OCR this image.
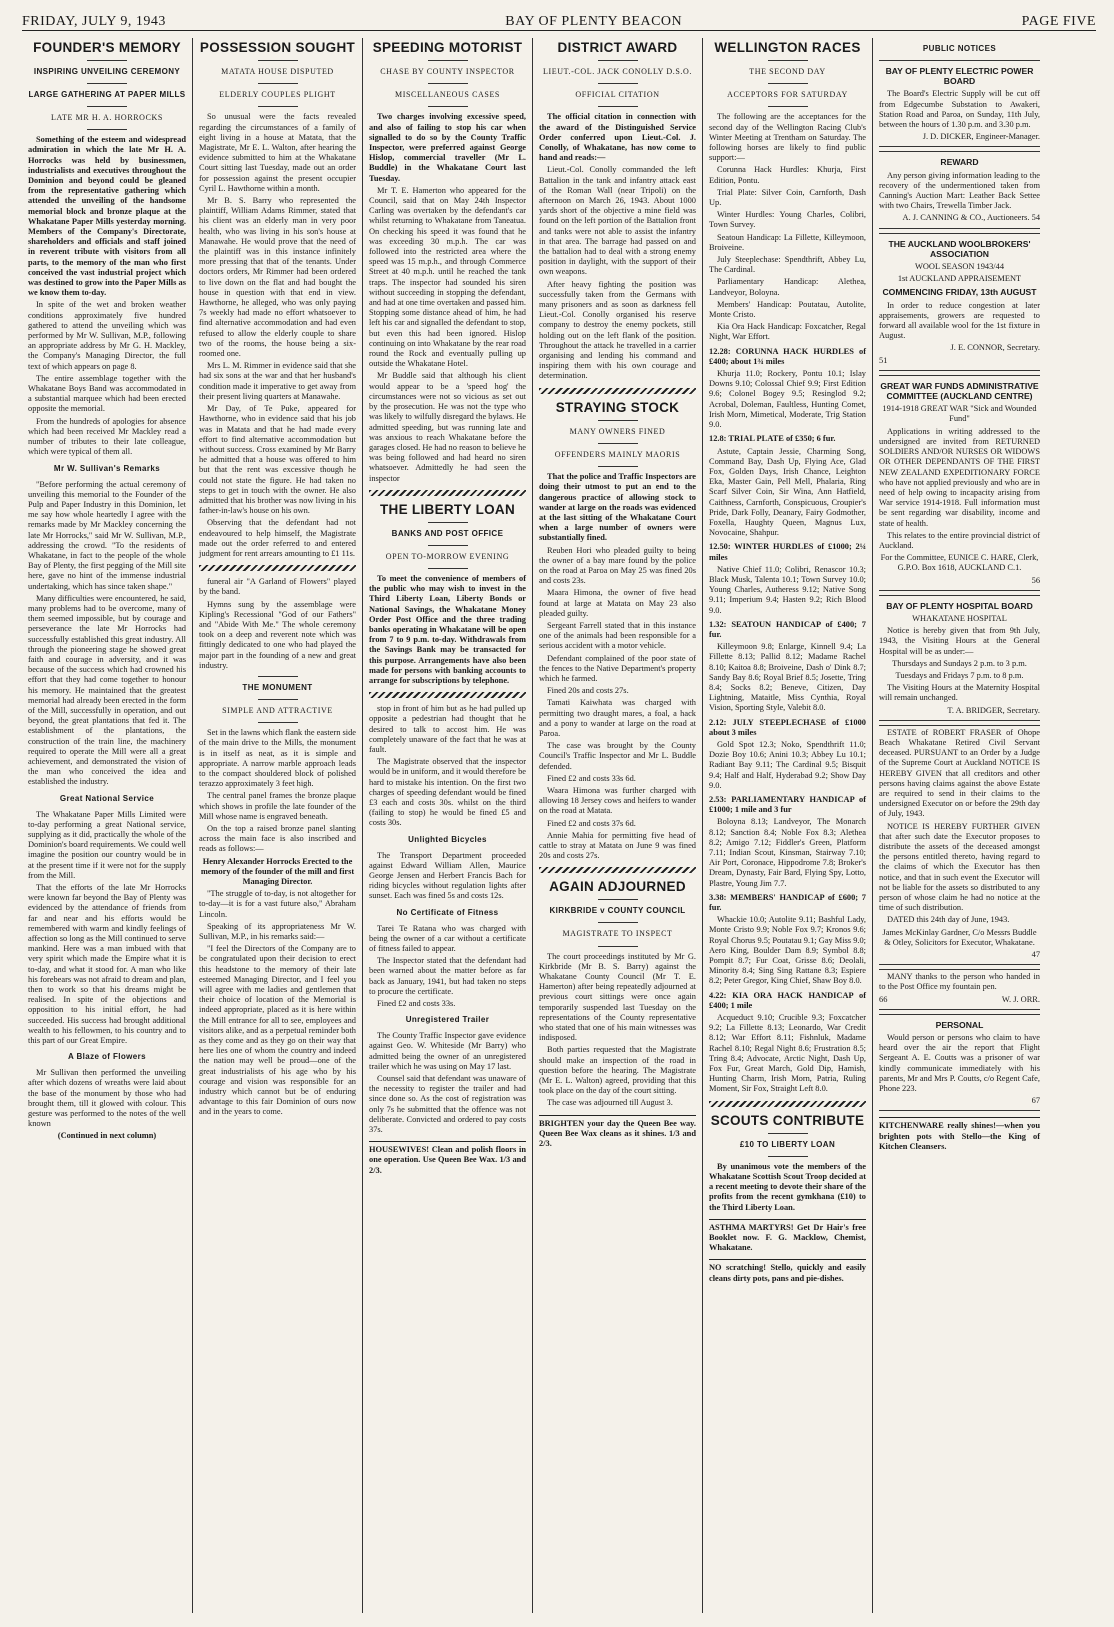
FRIDAY, JULY 9, 1943	BAY OF PLENTY BEACON	PAGE FIVE
FOUNDER'S MEMORY
INSPIRING UNVEILING CEREMONY
LARGE GATHERING AT PAPER MILLS
LATE MR H. A. HORROCKS

Something of the esteem and widespread admiration in which the late Mr H. A. Horrocks was held by businessmen, industrialists and executives throughout the Dominion and beyond could be gleaned from the representative gathering which attended the unveiling of the handsome memorial block and bronze plaque at the Whakatane Paper Mills yesterday morning. Members of the Company's Directorate, shareholders and officials and staff joined in reverent tribute with visitors from all parts, to the memory of the man who first conceived the vast industrial project which was destined to grow into the Paper Mills as we know them to-day.

In spite of the wet and broken weather conditions approximately five hundred gathered to attend the unveiling which was performed by Mr W. Sullivan, M.P., following an appropriate address by Mr G. H. Mackley, the Company's Managing Director, the full text of which appears on page 8.

The entire assemblage together with the Whakatane Boys Band was accommodated in a substantial marquee which had been erected opposite the memorial.

From the hundreds of apologies for absence which had been received Mr Mackley read a number of tributes to their late colleague, which were typical of them all.

Mr W. Sullivan's Remarks

"Before performing the actual ceremony of unveiling this memorial to the Founder of the Pulp and Paper Industry in this Dominion, let me say how whole heartedly I agree with the remarks made by Mr Mackley concerning the late Mr Horrocks," said Mr W. Sullivan, M.P., addressing the crowd. "To the residents of Whakatane, in fact to the people of the whole Bay of Plenty, the first pegging of the Mill site here, gave no hint of the immense industrial undertaking, which has since taken shape."

Many difficulties were encountered, he said, many problems had to be overcome, many of them seemed impossible, but by courage and perseverance the late Mr Horrocks had successfully established this great industry. All through the pioneering stage he showed great faith and courage in adversity, and it was because of the success which had crowned his effort that they had come together to honour his memory. He maintained that the greatest memorial had already been erected in the form of the Mill, successfully in operation, and out beyond, the great plantations that fed it. The establishment of the plantations, the construction of the train line, the machinery required to operate the Mill were all a great achievement, and demonstrated the vision of the man who conceived the idea and established the industry.

Great National Service

The Whakatane Paper Mills Limited were to-day performing a great National service, supplying as it did, practically the whole of the Dominion's board requirements. We could well imagine the position our country would be in at the present time if it were not for the supply from the Mill.

That the efforts of the late Mr Horrocks were known far beyond the Bay of Plenty was evidenced by the attendance of friends from far and near and his efforts would be remembered with warm and kindly feelings of affection so long as the Mill continued to serve mankind. Here was a man imbued with that very spirit which made the Empire what it is to-day, and what it stood for. A man who like his forebears was not afraid to dream and plan, then to work so that his dreams might be realised. In spite of the objections and opposition to his initial effort, he had succeeded. His success had brought additional wealth to his fellowmen, to his country and to this part of our Great Empire.

A Blaze of Flowers

Mr Sullivan then performed the unveiling after which dozens of wreaths were laid about the base of the monument by those who had brought them, till it glowed with colour. This gesture was performed to the notes of the well known

(Continued in next column)

POSSESSION SOUGHT
MATATA HOUSE DISPUTED
ELDERLY COUPLES PLIGHT

So unusual were the facts revealed regarding the circumstances of a family of eight living in a house at Matata, that the Magistrate, Mr E. L. Walton, after hearing the evidence submitted to him at the Whakatane Court sitting last Tuesday, made out an order for possession against the present occupier Cyril L. Hawthorne within a month.

Mr B. S. Barry who represented the plaintiff, William Adams Rimmer, stated that his client was an elderly man in very poor health, who was living in his son's house at Manawahe. He would prove that the need of the plaintiff was in this instance infinitely more pressing that that of the tenants. Under doctors orders, Mr Rimmer had been ordered to live down on the flat and had bought the house in question with that end in view. Hawthorne, he alleged, who was only paying 7s weekly had made no effort whatsoever to find alternative accommodation and had even refused to allow the elderly couple to share two of the rooms, the house being a six-roomed one.

Mrs L. M. Rimmer in evidence said that she had six sons at the war and that her husband's condition made it imperative to get away from their present living quarters at Manawahe.

Mr Day, of Te Puke, appeared for Hawthorne, who in evidence said that his job was in Matata and that he had made every effort to find alternative accommodation but without success. Cross examined by Mr Barry he admitted that a house was offered to him but that the rent was excessive though he could not state the figure. He had taken no steps to get in touch with the owner. He also admitted that his brother was now living in his father-in-law's house on his own.

Observing that the defendant had not endeavoured to help himself, the Magistrate made out the order referred to and entered judgment for rent arrears amounting to £1 11s.

funeral air "A Garland of Flowers" played by the band.

Hymns sung by the assemblage were Kipling's Recessional "God of our Fathers" and "Abide With Me." The whole ceremony took on a deep and reverent note which was fittingly dedicated to one who had played the major part in the founding of a new and great industry.

THE MONUMENT
SIMPLE AND ATTRACTIVE

Set in the lawns which flank the eastern side of the main drive to the Mills, the monument is in itself as neat, as it is simple and appropriate. A narrow marble approach leads to the compact shouldered block of polished terazzo approximately 3 feet high.

The central panel frames the bronze plaque which shows in profile the late founder of the Mill whose name is engraved beneath.

On the top a raised bronze panel slanting across the main face is also inscribed and reads as follows:—

Henry Alexander Horrocks Erected to the memory of the founder of the mill and first Managing Director.

"The struggle of to-day, is not altogether for to-day—it is for a vast future also," Abraham Lincoln.

Speaking of its appropriateness Mr W. Sullivan, M.P., in his remarks said:—

"I feel the Directors of the Company are to be congratulated upon their decision to erect this headstone to the memory of their late esteemed Managing Director, and I feel you will agree with me ladies and gentlemen that their choice of location of the Memorial is indeed appropriate, placed as it is here within the Mill entrance for all to see, employees and visitors alike, and as a perpetual reminder both as they come and as they go on their way that here lies one of whom the country and indeed the nation may well be proud—one of the great industrialists of his age who by his courage and vision was responsible for an industry which cannot but be of enduring advantage to this fair Dominion of ours now and in the years to come.

SPEEDING MOTORIST
CHASE BY COUNTY INSPECTOR
MISCELLANEOUS CASES

Two charges involving excessive speed, and also of failing to stop his car when signalled to do so by the County Traffic Inspector, were preferred against George Hislop, commercial traveller (Mr L. Buddle) in the Whakatane Court last Tuesday.

Mr T. E. Hamerton who appeared for the Council, said that on May 24th Inspector Carling was overtaken by the defendant's car whilst returning to Whakatane from Taneatua. On checking his speed it was found that he was exceeding 30 m.p.h. The car was followed into the restricted area where the speed was 15 m.p.h., and through Commerce Street at 40 m.p.h. until he reached the tank traps. The inspector had sounded his siren without succeeding in stopping the defendant, and had at one time overtaken and passed him. Stopping some distance ahead of him, he had left his car and signalled the defendant to stop, but even this had been ignored. Hislop continuing on into Whakatane by the rear road round the Rock and eventually pulling up outside the Whakatane Hotel.

Mr Buddle said that although his client would appear to be a 'speed hog' the circumstances were not so vicious as set out by the prosecution. He was not the type who was likely to wilfully disregard the bylaws. He admitted speeding, but was running late and was anxious to reach Whakatane before the garages closed. He had no reason to believe he was being followed and had heard no siren whatsoever. Admittedly he had seen the inspector

THE LIBERTY LOAN
BANKS AND POST OFFICE
OPEN TO-MORROW EVENING

To meet the convenience of members of the public who may wish to invest in the Third Liberty Loan, Liberty Bonds or National Savings, the Whakatane Money Order Post Office and the three trading banks operating in Whakatane will be open from 7 to 9 p.m. to-day. Withdrawals from the Savings Bank may be transacted for this purpose. Arrangements have also been made for persons with banking accounts to arrange for subscriptions by telephone.

stop in front of him but as he had pulled up opposite a pedestrian had thought that he desired to talk to accost him. He was completely unaware of the fact that he was at fault.

The Magistrate observed that the inspector would be in uniform, and it would therefore be hard to mistake his intention. On the first two charges of speeding defendant would be fined £3 each and costs 30s. whilst on the third (failing to stop) he would be fined £5 and costs 30s.

Unlighted Bicycles

The Transport Department proceeded against Edward William Allen, Maurice George Jensen and Herbert Francis Bach for riding bicycles without regulation lights after sunset. Each was fined 5s and costs 12s.

No Certificate of Fitness

Tarei Te Ratana who was charged with being the owner of a car without a certificate of fitness failed to appear.

The Inspector stated that the defendant had been warned about the matter before as far back as January, 1941, but had taken no steps to procure the certificate.

Fined £2 and costs 33s.

Unregistered Trailer

The County Traffic Inspector gave evidence against Geo. W. Whiteside (Mr Barry) who admitted being the owner of an unregistered trailer which he was using on May 17 last.

Counsel said that defendant was unaware of the necessity to register the trailer and had since done so. As the cost of registration was only 7s he submitted that the offence was not deliberate. Convicted and ordered to pay costs 37s.

HOUSEWIVES! Clean and polish floors in one operation. Use Queen Bee Wax. 1/3 and 2/3.

DISTRICT AWARD
LIEUT.-COL. JACK CONOLLY D.S.O.
OFFICIAL CITATION

The official citation in connection with the award of the Distinguished Service Order conferred upon Lieut.-Col. J. Conolly, of Whakatane, has now come to hand and reads:—

Lieut.-Col. Conolly commanded the left Battalion in the tank and infantry attack east of the Roman Wall (near Tripoli) on the afternoon on March 26, 1943. About 1000 yards short of the objective a mine field was found on the left portion of the Battalion front and tanks were not able to assist the infantry in that area. The barrage had passed on and the battalion had to deal with a strong enemy position in daylight, with the support of their own weapons.

After heavy fighting the position was successfully taken from the Germans with many prisoners and as soon as darkness fell Lieut.-Col. Conolly organised his reserve company to destroy the enemy pockets, still holding out on the left flank of the position. Throughout the attack he travelled in a carrier organising and lending his command and inspiring them with his own courage and determination.

STRAYING STOCK
MANY OWNERS FINED
OFFENDERS MAINLY MAORIS

That the police and Traffic Inspectors are doing their utmost to put an end to the dangerous practice of allowing stock to wander at large on the roads was evidenced at the last sitting of the Whakatane Court when a large number of owners were substantially fined.

Reuben Hori who pleaded guilty to being the owner of a bay mare found by the police on the road at Paroa on May 25 was fined 20s and costs 23s.

Maara Himona, the owner of five head found at large at Matata on May 23 also pleaded guilty.

Sergeant Farrell stated that in this instance one of the animals had been responsible for a serious accident with a motor vehicle.

Defendant complained of the poor state of the fences to the Native Department's property which he farmed.

Fined 20s and costs 27s.

Tamati Kaiwhata was charged with permitting two draught mares, a foal, a hack and a pony to wander at large on the road at Paroa.

The case was brought by the County Council's Traffic Inspector and Mr L. Buddle defended.

Fined £2 and costs 33s 6d.

Waara Himona was further charged with allowing 18 Jersey cows and heifers to wander on the road at Matata.

Fined £2 and costs 37s 6d.

Annie Mahia for permitting five head of cattle to stray at Matata on June 9 was fined 20s and costs 27s.

AGAIN ADJOURNED
KIRKBRIDE v COUNTY COUNCIL
MAGISTRATE TO INSPECT

The court proceedings instituted by Mr G. Kirkbride (Mr B. S. Barry) against the Whakatane County Council (Mr T. E. Hamerton) after being repeatedly adjourned at previous court sittings were once again temporarily suspended last Tuesday on the representations of the County representative who stated that one of his main witnesses was indisposed.

Both parties requested that the Magistrate should make an inspection of the road in question before the hearing. The Magistrate (Mr E. L. Walton) agreed, providing that this took place on the day of the court sitting.

The case was adjourned till August 3.

BRIGHTEN your day the Queen Bee way. Queen Bee Wax cleans as it shines. 1/3 and 2/3.

WELLINGTON RACES
THE SECOND DAY
ACCEPTORS FOR SATURDAY

The following are the acceptances for the second day of the Wellington Racing Club's Winter Meeting at Trentham on Saturday. The following horses are likely to find public support:—

Corunna Hack Hurdles: Khurja, First Edition, Pontu.

Trial Plate: Silver Coin, Carnforth, Dash Up.

Winter Hurdles: Young Charles, Colibri, Town Survey.

Seatoun Handicap: La Fillette, Killeymoon, Broiveine.

July Steeplechase: Spendthrift, Abbey Lu, The Cardinal.

Parliamentary Handicap: Alethea, Landveyor, Boloyna.

Members' Handicap: Poutatau, Autolite, Monte Cristo.

Kia Ora Hack Handicap: Foxcatcher, Regal Night, War Effort.

12.28: CORUNNA HACK HURDLES of £400; about 1¾ miles

Khurja 11.0; Rockery, Pontu 10.1; Islay Downs 9.10; Colossal Chief 9.9; First Edition 9.6; Colonel Bogey 9.5; Resinglod 9.2; Acrobal, Doleman, Faultless, Hunting Comet, Irish Morn, Mimetical, Moderate, Trig Station 9.0.

12.8: TRIAL PLATE of £350; 6 fur.

Astute, Captain Jessie, Charming Song, Command Bay, Dash Up, Flying Ace, Glad Fox, Golden Days, Irish Chance, Leighton Eka, Master Gain, Pell Mell, Phalaria, Ring Scarf Silver Coin, Sir Wina, Ann Hatfield, Caithness, Carnforth, Conspicuous, Croupier's Pride, Dark Folly, Deanary, Fairy Godmother, Foxella, Haughty Queen, Magnus Lux, Novocaine, Shahpur.

12.50: WINTER HURDLES of £1000; 2¼ miles

Native Chief 11.0; Colibri, Renascor 10.3; Black Musk, Talenta 10.1; Town Survey 10.0; Young Charles, Autheress 9.12; Native Song 9.11; Imperium 9.4; Hasten 9.2; Rich Blood 9.0.

1.32: SEATOUN HANDICAP of £400; 7 fur.

Killeymoon 9.8; Enlarge, Kinnell 9.4; La Fillette 8.13; Pallid 8.12; Madame Rachel 8.10; Kaitoa 8.8; Broiveine, Dash o' Dink 8.7; Sandy Bay 8.6; Royal Brief 8.5; Josette, Tring 8.4; Socks 8.2; Beneve, Citizen, Day Lightning, Mataitle, Miss Cynthia, Royal Vision, Sporting Style, Valebit 8.0.

2.12: JULY STEEPLECHASE of £1000 about 3 miles

Gold Spot 12.3; Noko, Spendthrift 11.0; Dozie Boy 10.6; Anini 10.3; Abbey Lu 10.1; Radiant Bay 9.11; The Cardinal 9.5; Bisquit 9.4; Half and Half, Hyderabad 9.2; Show Day 9.0.

2.53: PARLIAMENTARY HANDICAP of £1000; 1 mile and 3 fur

Boloyna 8.13; Landveyor, The Monarch 8.12; Sanction 8.4; Noble Fox 8.3; Alethea 8.2; Amigo 7.12; Fiddler's Green, Platform 7.11; Indian Scout, Kinsman, Stairway 7.10; Air Port, Coronace, Hippodrome 7.8; Broker's Dream, Dynasty, Fair Bard, Flying Spy, Lotto, Plastre, Young Jim 7.7.

3.38: MEMBERS' HANDICAP of £600; 7 fur.

Whackie 10.0; Autolite 9.11; Bashful Lady, Monte Cristo 9.9; Noble Fox 9.7; Kronos 9.6; Royal Chorus 9.5; Poutatau 9.1; Gay Miss 9.0; Aero King, Boulder Dam 8.9; Symbol 8.8; Pompit 8.7; Fur Coat, Grisse 8.6; Deolali, Minority 8.4; Sing Sing Rattane 8.3; Espiere 8.2; Peter Gregor, King Chief, Shaw Boy 8.0.

4.22: KIA ORA HACK HANDICAP of £400; 1 mile

Acqueduct 9.10; Crucible 9.3; Foxcatcher 9.2; La Fillette 8.13; Leonardo, War Credit 8.12; War Effort 8.11; Fishnluk, Madame Rachel 8.10; Regal Night 8.6; Frustration 8.5; Tring 8.4; Advocate, Arctic Night, Dash Up, Fox Fur, Great March, Gold Dip, Hamish, Hunting Charm, Irish Morn, Patria, Ruling Moment, Sir Fox, Straight Left 8.0.

SCOUTS CONTRIBUTE
£10 TO LIBERTY LOAN

By unanimous vote the members of the Whakatane Scottish Scout Troop decided at a recent meeting to devote their share of the profits from the recent gymkhana (£10) to the Third Liberty Loan.

ASTHMA MARTYRS! Get Dr Hair's free Booklet now. F. G. Macklow, Chemist, Whakatane.

NO scratching! Stello, quickly and easily cleans dirty pots, pans and pie-dishes.

PUBLIC NOTICES
BAY OF PLENTY ELECTRIC POWER BOARD

The Board's Electric Supply will be cut off from Edgecumbe Substation to Awakeri, Station Road and Paroa, on Sunday, 11th July, between the hours of 1.30 p.m. and 3.30 p.m.

J. D. DICKER, Engineer-Manager.

REWARD

Any person giving information leading to the recovery of the undermentioned taken from Canning's Auction Mart: Leather Back Settee with two Chairs, Trewella Timber Jack.

A. J. CANNING & CO., Auctioneers. 54

THE AUCKLAND WOOLBROKERS' ASSOCIATION

WOOL SEASON 1943/44

1st AUCKLAND APPRAISEMENT

COMMENCING FRIDAY, 13th AUGUST

In order to reduce congestion at later appraisements, growers are requested to forward all available wool for the 1st fixture in August.

J. E. CONNOR, Secretary.

51

GREAT WAR FUNDS ADMINISTRATIVE COMMITTEE (AUCKLAND CENTRE)

1914-1918 GREAT WAR "Sick and Wounded Fund"

Applications in writing addressed to the undersigned are invited from RETURNED SOLDIERS AND/OR NURSES OR WIDOWS OR OTHER DEPENDANTS OF THE FIRST NEW ZEALAND EXPEDITIONARY FORCE who have not applied previously and who are in need of help owing to incapacity arising from War service 1914-1918. Full information must be sent regarding war disability, income and state of health.

This relates to the entire provincial district of Auckland.

For the Committee, EUNICE C. HARE, Clerk, G.P.O. Box 1618, AUCKLAND C.1.

56

BAY OF PLENTY HOSPITAL BOARD

WHAKATANE HOSPITAL

Notice is hereby given that from 9th July, 1943, the Visiting Hours at the General Hospital will be as under:—

Thursdays and Sundays 2 p.m. to 3 p.m.

Tuesdays and Fridays 7 p.m. to 8 p.m.

The Visiting Hours at the Maternity Hospital will remain unchanged.

T. A. BRIDGER, Secretary.

ESTATE of ROBERT FRASER of Ohope Beach Whakatane Retired Civil Servant deceased. PURSUANT to an Order by a Judge of the Supreme Court at Auckland NOTICE IS HEREBY GIVEN that all creditors and other persons having claims against the above Estate are required to send in their claims to the undersigned Executor on or before the 29th day of July, 1943.

NOTICE IS HEREBY FURTHER GIVEN that after such date the Executor proposes to distribute the assets of the deceased amongst the persons entitled thereto, having regard to the claims of which the Executor has then notice, and that in such event the Executor will not be liable for the assets so distributed to any person of whose claim he had no notice at the time of such distribution.

DATED this 24th day of June, 1943.

James McKinlay Gardner, C/o Messrs Buddle & Otley, Solicitors for Executor, Whakatane.

47

MANY thanks to the person who handed in to the Post Office my fountain pen.

66	W. J. ORR.

PERSONAL

Would person or persons who claim to have heard over the air the report that Flight Sergeant A. E. Coutts was a prisoner of war kindly communicate immediately with his parents, Mr and Mrs P. Coutts, c/o Regent Cafe, Phone 223.

67

KITCHENWARE really shines!—when you brighten pots with Stello—the King of Kitchen Cleansers.
